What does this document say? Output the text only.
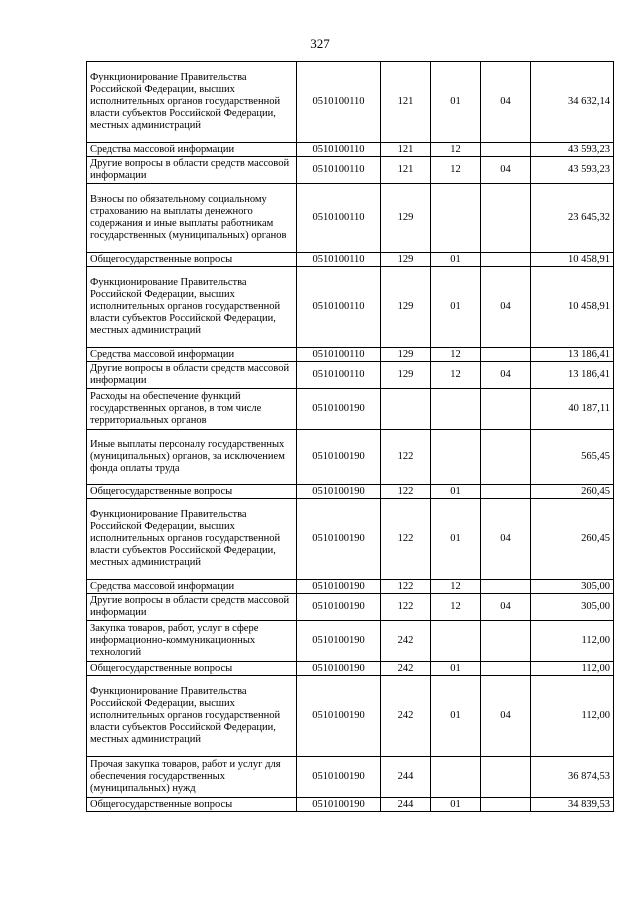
327
Функционирование Правительства Российской Федерации, высших исполнительных органов государственной власти субъектов Российской Федерации, местных администраций	0510100110	121	01	04	34 632,14
Средства массовой информации	0510100110	121	12		43 593,23
Другие вопросы в области средств массовой информации	0510100110	121	12	04	43 593,23
Взносы по обязательному социальному страхованию на выплаты денежного содержания и иные выплаты работникам государственных (муниципальных) органов	0510100110	129			23 645,32
Общегосударственные вопросы	0510100110	129	01		10 458,91
Функционирование Правительства Российской Федерации, высших исполнительных органов государственной власти субъектов Российской Федерации, местных администраций	0510100110	129	01	04	10 458,91
Средства массовой информации	0510100110	129	12		13 186,41
Другие вопросы в области средств массовой информации	0510100110	129	12	04	13 186,41
Расходы на обеспечение функций государственных органов, в том числе территориальных органов	0510100190				40 187,11
Иные выплаты персоналу государственных (муниципальных) органов, за исключением фонда оплаты труда	0510100190	122			565,45
Общегосударственные вопросы	0510100190	122	01		260,45
Функционирование Правительства Российской Федерации, высших исполнительных органов государственной власти субъектов Российской Федерации, местных администраций	0510100190	122	01	04	260,45
Средства массовой информации	0510100190	122	12		305,00
Другие вопросы в области средств массовой информации	0510100190	122	12	04	305,00
Закупка товаров, работ, услуг в сфере информационно-коммуникационных технологий	0510100190	242			112,00
Общегосударственные вопросы	0510100190	242	01		112,00
Функционирование Правительства Российской Федерации, высших исполнительных органов государственной власти субъектов Российской Федерации, местных администраций	0510100190	242	01	04	112,00
Прочая закупка товаров, работ и услуг для обеспечения государственных (муниципальных) нужд	0510100190	244			36 874,53
Общегосударственные вопросы	0510100190	244	01		34 839,53
